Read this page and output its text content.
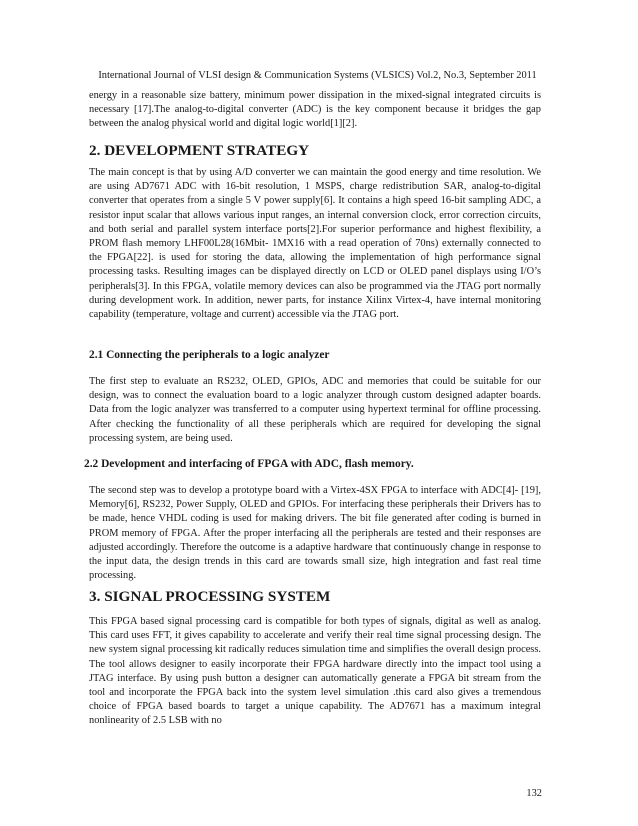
International Journal of VLSI design & Communication Systems (VLSICS) Vol.2, No.3, September 2011

energy in a reasonable size battery, minimum power dissipation in the mixed-signal integrated circuits is necessary [17].The analog-to-digital converter (ADC) is the key component because it bridges the gap between the analog physical world and digital logic world[1][2].

2. DEVELOPMENT STRATEGY

The main concept is that by using A/D converter we can maintain the good energy and time resolution. We are using AD7671 ADC with 16-bit resolution, 1 MSPS, charge redistribution SAR, analog-to-digital converter that operates from a single 5 V power supply[6]. It contains a high speed 16-bit sampling ADC, a resistor input scalar that allows various input ranges, an internal conversion clock, error correction circuits, and both serial and parallel system interface ports[2].For superior performance and highest flexibility, a PROM flash memory LHF00L28(16Mbit- 1MX16 with a read operation of 70ns) externally connected to the FPGA[22]. is used for storing the data, allowing the implementation of high performance signal processing tasks. Resulting images can be displayed directly on LCD or OLED panel displays using I/O’s peripherals[3]. In this FPGA, volatile memory devices can also be programmed via the JTAG port normally during development work. In addition, newer parts, for instance Xilinx Virtex-4, have internal monitoring capability (temperature, voltage and current) accessible via the JTAG port.

2.1 Connecting the peripherals to a logic analyzer

The first step to evaluate an RS232, OLED, GPIOs, ADC and memories that could be suitable for our design, was to connect the evaluation board to a logic analyzer through custom designed adapter boards. Data from the logic analyzer was transferred to a computer using hypertext terminal for offline processing. After checking the functionality of all these peripherals which are required for developing the signal processing system, are being used.

2.2 Development and interfacing of FPGA with ADC, flash memory.

The second step was to develop a prototype board with a Virtex-4SX FPGA to interface with ADC[4]- [19], Memory[6], RS232, Power Supply, OLED and GPIOs. For interfacing these peripherals their Drivers has to be made, hence VHDL coding is used for making drivers. The bit file generated after coding is burned in PROM memory of FPGA. After the proper interfacing all the peripherals are tested and their responses are adjusted accordingly. Therefore the outcome is a adaptive hardware that continuously change in response to the input data, the design trends in this card are towards small size, high integration and fast real time processing.

3. SIGNAL PROCESSING SYSTEM

This FPGA based signal processing card is compatible for both types of signals, digital as well as analog. This card uses FFT, it gives capability to accelerate and verify their real time signal processing design. The new system signal processing kit radically reduces simulation time and simplifies the overall design process. The tool allows designer to easily incorporate their FPGA hardware directly into the impact tool using a JTAG interface. By using push button a designer can automatically generate a FPGA bit stream from the tool and incorporate the FPGA back into the system level simulation .this card also gives a tremendous choice of FPGA based boards to target a unique capability. The AD7671 has a maximum integral nonlinearity of 2.5 LSB with no

132
